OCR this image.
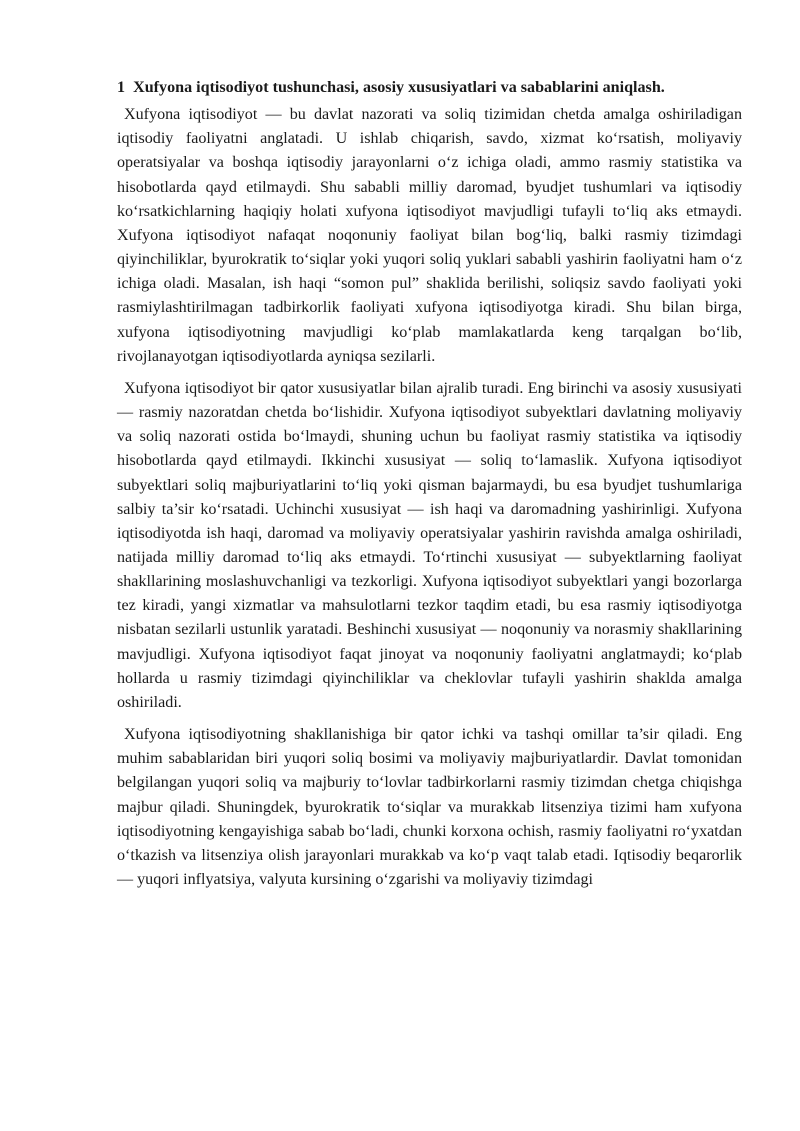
1 Xufyona iqtisodiyot tushunchasi, asosiy xususiyatlari va sabablarini aniqlash.

Xufyona iqtisodiyot — bu davlat nazorati va soliq tizimidan chetda amalga oshiriladigan iqtisodiy faoliyatni anglatadi. U ishlab chiqarish, savdo, xizmat ko‘rsatish, moliyaviy operatsiyalar va boshqa iqtisodiy jarayonlarni o‘z ichiga oladi, ammo rasmiy statistika va hisobotlarda qayd etilmaydi. Shu sababli milliy daromad, byudjet tushumlari va iqtisodiy ko‘rsatkichlarning haqiqiy holati xufyona iqtisodiyot mavjudligi tufayli to‘liq aks etmaydi. Xufyona iqtisodiyot nafaqat noqonuniy faoliyat bilan bog‘liq, balki rasmiy tizimdagi qiyinchiliklar, byurokratik to‘siqlar yoki yuqori soliq yuklari sababli yashirin faoliyatni ham o‘z ichiga oladi. Masalan, ish haqi “somon pul” shaklida berilishi, soliqsiz savdo faoliyati yoki rasmiylashtirilmagan tadbirkorlik faoliyati xufyona iqtisodiyotga kiradi. Shu bilan birga, xufyona iqtisodiyotning mavjudligi ko‘plab mamlakatlarda keng tarqalgan bo‘lib, rivojlanayotgan iqtisodiyotlarda ayniqsa sezilarli.

Xufyona iqtisodiyot bir qator xususiyatlar bilan ajralib turadi. Eng birinchi va asosiy xususiyati — rasmiy nazoratdan chetda bo‘lishidir. Xufyona iqtisodiyot subyektlari davlatning moliyaviy va soliq nazorati ostida bo‘lmaydi, shuning uchun bu faoliyat rasmiy statistika va iqtisodiy hisobotlarda qayd etilmaydi. Ikkinchi xususiyat — soliq to‘lamaslik. Xufyona iqtisodiyot subyektlari soliq majburiyatlarini to‘liq yoki qisman bajarmaydi, bu esa byudjet tushumlariga salbiy ta’sir ko‘rsatadi. Uchinchi xususiyat — ish haqi va daromadning yashirinligi. Xufyona iqtisodiyotda ish haqi, daromad va moliyaviy operatsiyalar yashirin ravishda amalga oshiriladi, natijada milliy daromad to‘liq aks etmaydi. To‘rtinchi xususiyat — subyektlarning faoliyat shakllarining moslashuvchanligi va tezkorligi. Xufyona iqtisodiyot subyektlari yangi bozorlarga tez kiradi, yangi xizmatlar va mahsulotlarni tezkor taqdim etadi, bu esa rasmiy iqtisodiyotga nisbatan sezilarli ustunlik yaratadi. Beshinchi xususiyat — noqonuniy va norasmiy shakllarining mavjudligi. Xufyona iqtisodiyot faqat jinoyat va noqonuniy faoliyatni anglatmaydi; ko‘plab hollarda u rasmiy tizimdagi qiyinchiliklar va cheklovlar tufayli yashirin shaklda amalga oshiriladi.

Xufyona iqtisodiyotning shakllanishiga bir qator ichki va tashqi omillar ta’sir qiladi. Eng muhim sabablaridan biri yuqori soliq bosimi va moliyaviy majburiyatlardir. Davlat tomonidan belgilangan yuqori soliq va majburiy to‘lovlar tadbirkorlarni rasmiy tizimdan chetga chiqishga majbur qiladi. Shuningdek, byurokratik to‘siqlar va murakkab litsenziya tizimi ham xufyona iqtisodiyotning kengayishiga sabab bo‘ladi, chunki korxona ochish, rasmiy faoliyatni ro‘yxatdan o‘tkazish va litsenziya olish jarayonlari murakkab va ko‘p vaqt talab etadi. Iqtisodiy beqarorlik — yuqori inflyatsiya, valyuta kursining o‘zgarishi va moliyaviy tizimdagi
